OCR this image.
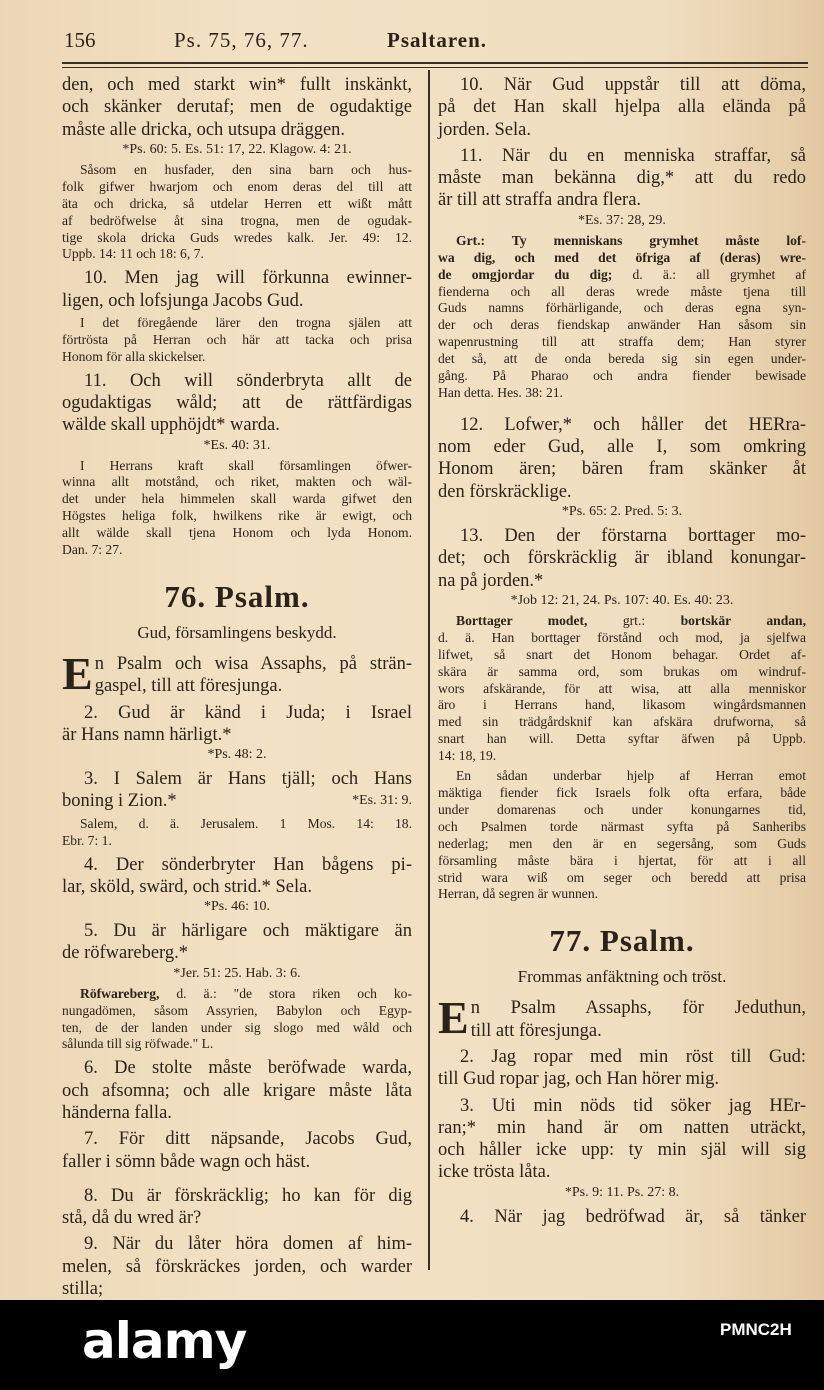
156	Ps. 75, 76, 77.	Psaltaren.
den, och med starkt win* fullt inskänkt,
och skänker derutaf; men de ogudaktige
måste alle dricka, och utsupa dräggen.
*Ps. 60: 5. Es. 51: 17, 22. Klagow. 4: 21.
Såsom en husfader, den sina barn och hus-
folk gifwer hwarjom och enom deras del till att
äta och dricka, så utdelar Herren ett wißt mått
af bedröfwelse åt sina trogna, men de ogudak-
tige skola dricka Guds wredes kalk. Jer. 49: 12.
Uppb. 14: 11 och 18: 6, 7.
10. Men jag will förkunna ewinner-
ligen, och lofsjunga Jacobs Gud.
I det föregående lärer den trogna själen att
förtrösta på Herran och här att tacka och prisa
Honom för alla skickelser.
11. Och will sönderbryta allt de
ogudaktigas wåld; att de rättfärdigas
wälde skall upphöjdt* warda.
*Es. 40: 31.
I Herrans kraft skall församlingen öfwer-
winna allt motstånd, och riket, makten och wäl-
det under hela himmelen skall warda gifwet den
Högstes heliga folk, hwilkens rike är ewigt, och
allt wälde skall tjena Honom och lyda Honom.
Dan. 7: 27.
76. Psalm.
Gud, församlingens beskydd.
E n Psalm och wisa Assaphs, på strän-
gaspel, till att föresjunga.
2. Gud är känd i Juda; i Israel
är Hans namn härligt.*
*Ps. 48: 2.
3. I Salem är Hans tjäll; och Hans
*Es. 31: 9.
boning i Zion.*
Salem, d. ä. Jerusalem. 1 Mos. 14: 18.
Ebr. 7: 1.
4. Der sönderbryter Han bågens pi-
lar, sköld, swärd, och strid.* Sela.
*Ps. 46: 10.
5. Du är härligare och mäktigare än
de röfwareberg.*
*Jer. 51: 25. Hab. 3: 6.
Röfwareberg, d. ä.: "de stora riken och ko-
nungadömen, såsom Assyrien, Babylon och Egyp-
ten, de der landen under sig slogo med wåld och
sålunda till sig röfwade." L.
6. De stolte måste beröfwade warda,
och afsomna; och alle krigare måste låta
händerna falla.
7. För ditt näpsande, Jacobs Gud,
faller i sömn både wagn och häst.
8. Du är förskräcklig; ho kan för dig
stå, då du wred är?
9. När du låter höra domen af him-
melen, så förskräckes jorden, och warder
stilla;
10. När Gud uppstår till att döma,
på det Han skall hjelpa alla elända på
jorden. Sela.
11. När du en menniska straffar, så
måste man bekänna dig,* att du redo
är till att straffa andra flera.
*Es. 37: 28, 29.
Grt.: Ty menniskans grymhet måste lof-
wa dig, och med det öfriga af (deras) wre-
de omgjordar du dig; d. ä.: all grymhet af
fienderna och all deras wrede måste tjena till
Guds namns förhärligande, och deras egna syn-
der och deras fiendskap anwänder Han såsom sin
wapenrustning till att straffa dem; Han styrer
det så, att de onda bereda sig sin egen under-
gång. På Pharao och andra fiender bewisade
Han detta. Hes. 38: 21.
12. Lofwer,* och håller det HERra-
nom eder Gud, alle I, som omkring
Honom ären; bären fram skänker åt
den förskräcklige.
*Ps. 65: 2. Pred. 5: 3.
13. Den der förstarna borttager mo-
det; och förskräcklig är ibland konungar-
na på jorden.*
*Job 12: 21, 24. Ps. 107: 40. Es. 40: 23.
Borttager modet, grt.: bortskär andan,
d. ä. Han borttager förstånd och mod, ja sjelfwa
lifwet, så snart det Honom behagar. Ordet af-
skära är samma ord, som brukas om windruf-
wors afskärande, för att wisa, att alla menniskor
äro i Herrans hand, likasom wingårdsmannen
med sin trädgårdsknif kan afskära drufworna, så
snart han will. Detta syftar äfwen på Uppb.
14: 18, 19.
En sådan underbar hjelp af Herran emot
mäktiga fiender fick Israels folk ofta erfara, både
under domarenas och under konungarnes tid,
och Psalmen torde närmast syfta på Sanheribs
nederlag; men den är en segersång, som Guds
församling måste bära i hjertat, för att i all
strid wara wiß om seger och beredd att prisa
Herran, då segren är wunnen.
77. Psalm.
Frommas anfäktning och tröst.
E n Psalm Assaphs, för Jeduthun,
till att föresjunga.
2. Jag ropar med min röst till Gud:
till Gud ropar jag, och Han hörer mig.
3. Uti min nöds tid söker jag HEr-
ran;* min hand är om natten uträckt,
och håller icke upp: ty min själ will sig
icke trösta låta.
*Ps. 9: 11. Ps. 27: 8.
4. När jag bedröfwad är, så tänker
alamy	PMNC2H
